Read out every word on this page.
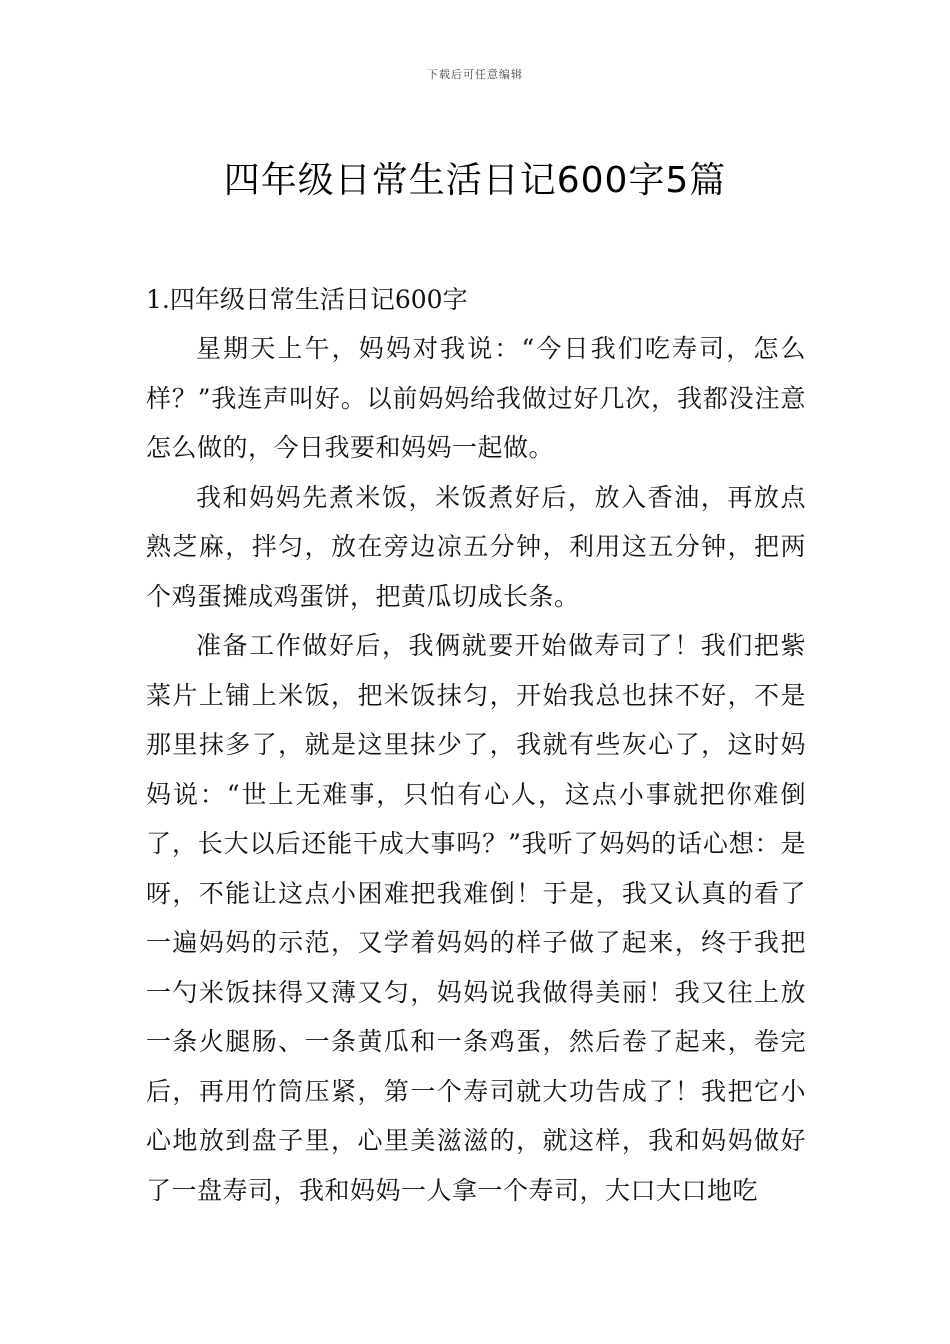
下载后可任意编辑
四年级日常生活日记600字5篇
1.四年级日常生活日记600字

星期天上午，妈妈对我说：“今日我们吃寿司，怎么样？”我连声叫好。以前妈妈给我做过好几次，我都没注意怎么做的，今日我要和妈妈一起做。

我和妈妈先煮米饭，米饭煮好后，放入香油，再放点熟芝麻，拌匀，放在旁边凉五分钟，利用这五分钟，把两个鸡蛋摊成鸡蛋饼，把黄瓜切成长条。

准备工作做好后，我俩就要开始做寿司了！我们把紫菜片上铺上米饭，把米饭抹匀，开始我总也抹不好，不是那里抹多了，就是这里抹少了，我就有些灰心了，这时妈妈说：“世上无难事，只怕有心人，这点小事就把你难倒了，长大以后还能干成大事吗？”我听了妈妈的话心想：是呀，不能让这点小困难把我难倒！于是，我又认真的看了一遍妈妈的示范，又学着妈妈的样子做了起来，终于我把一勺米饭抹得又薄又匀，妈妈说我做得美丽！我又往上放一条火腿肠、一条黄瓜和一条鸡蛋，然后卷了起来，卷完后，再用竹筒压紧，第一个寿司就大功告成了！我把它小心地放到盘子里，心里美滋滋的，就这样，我和妈妈做好了一盘寿司，我和妈妈一人拿一个寿司，大口大口地吃
